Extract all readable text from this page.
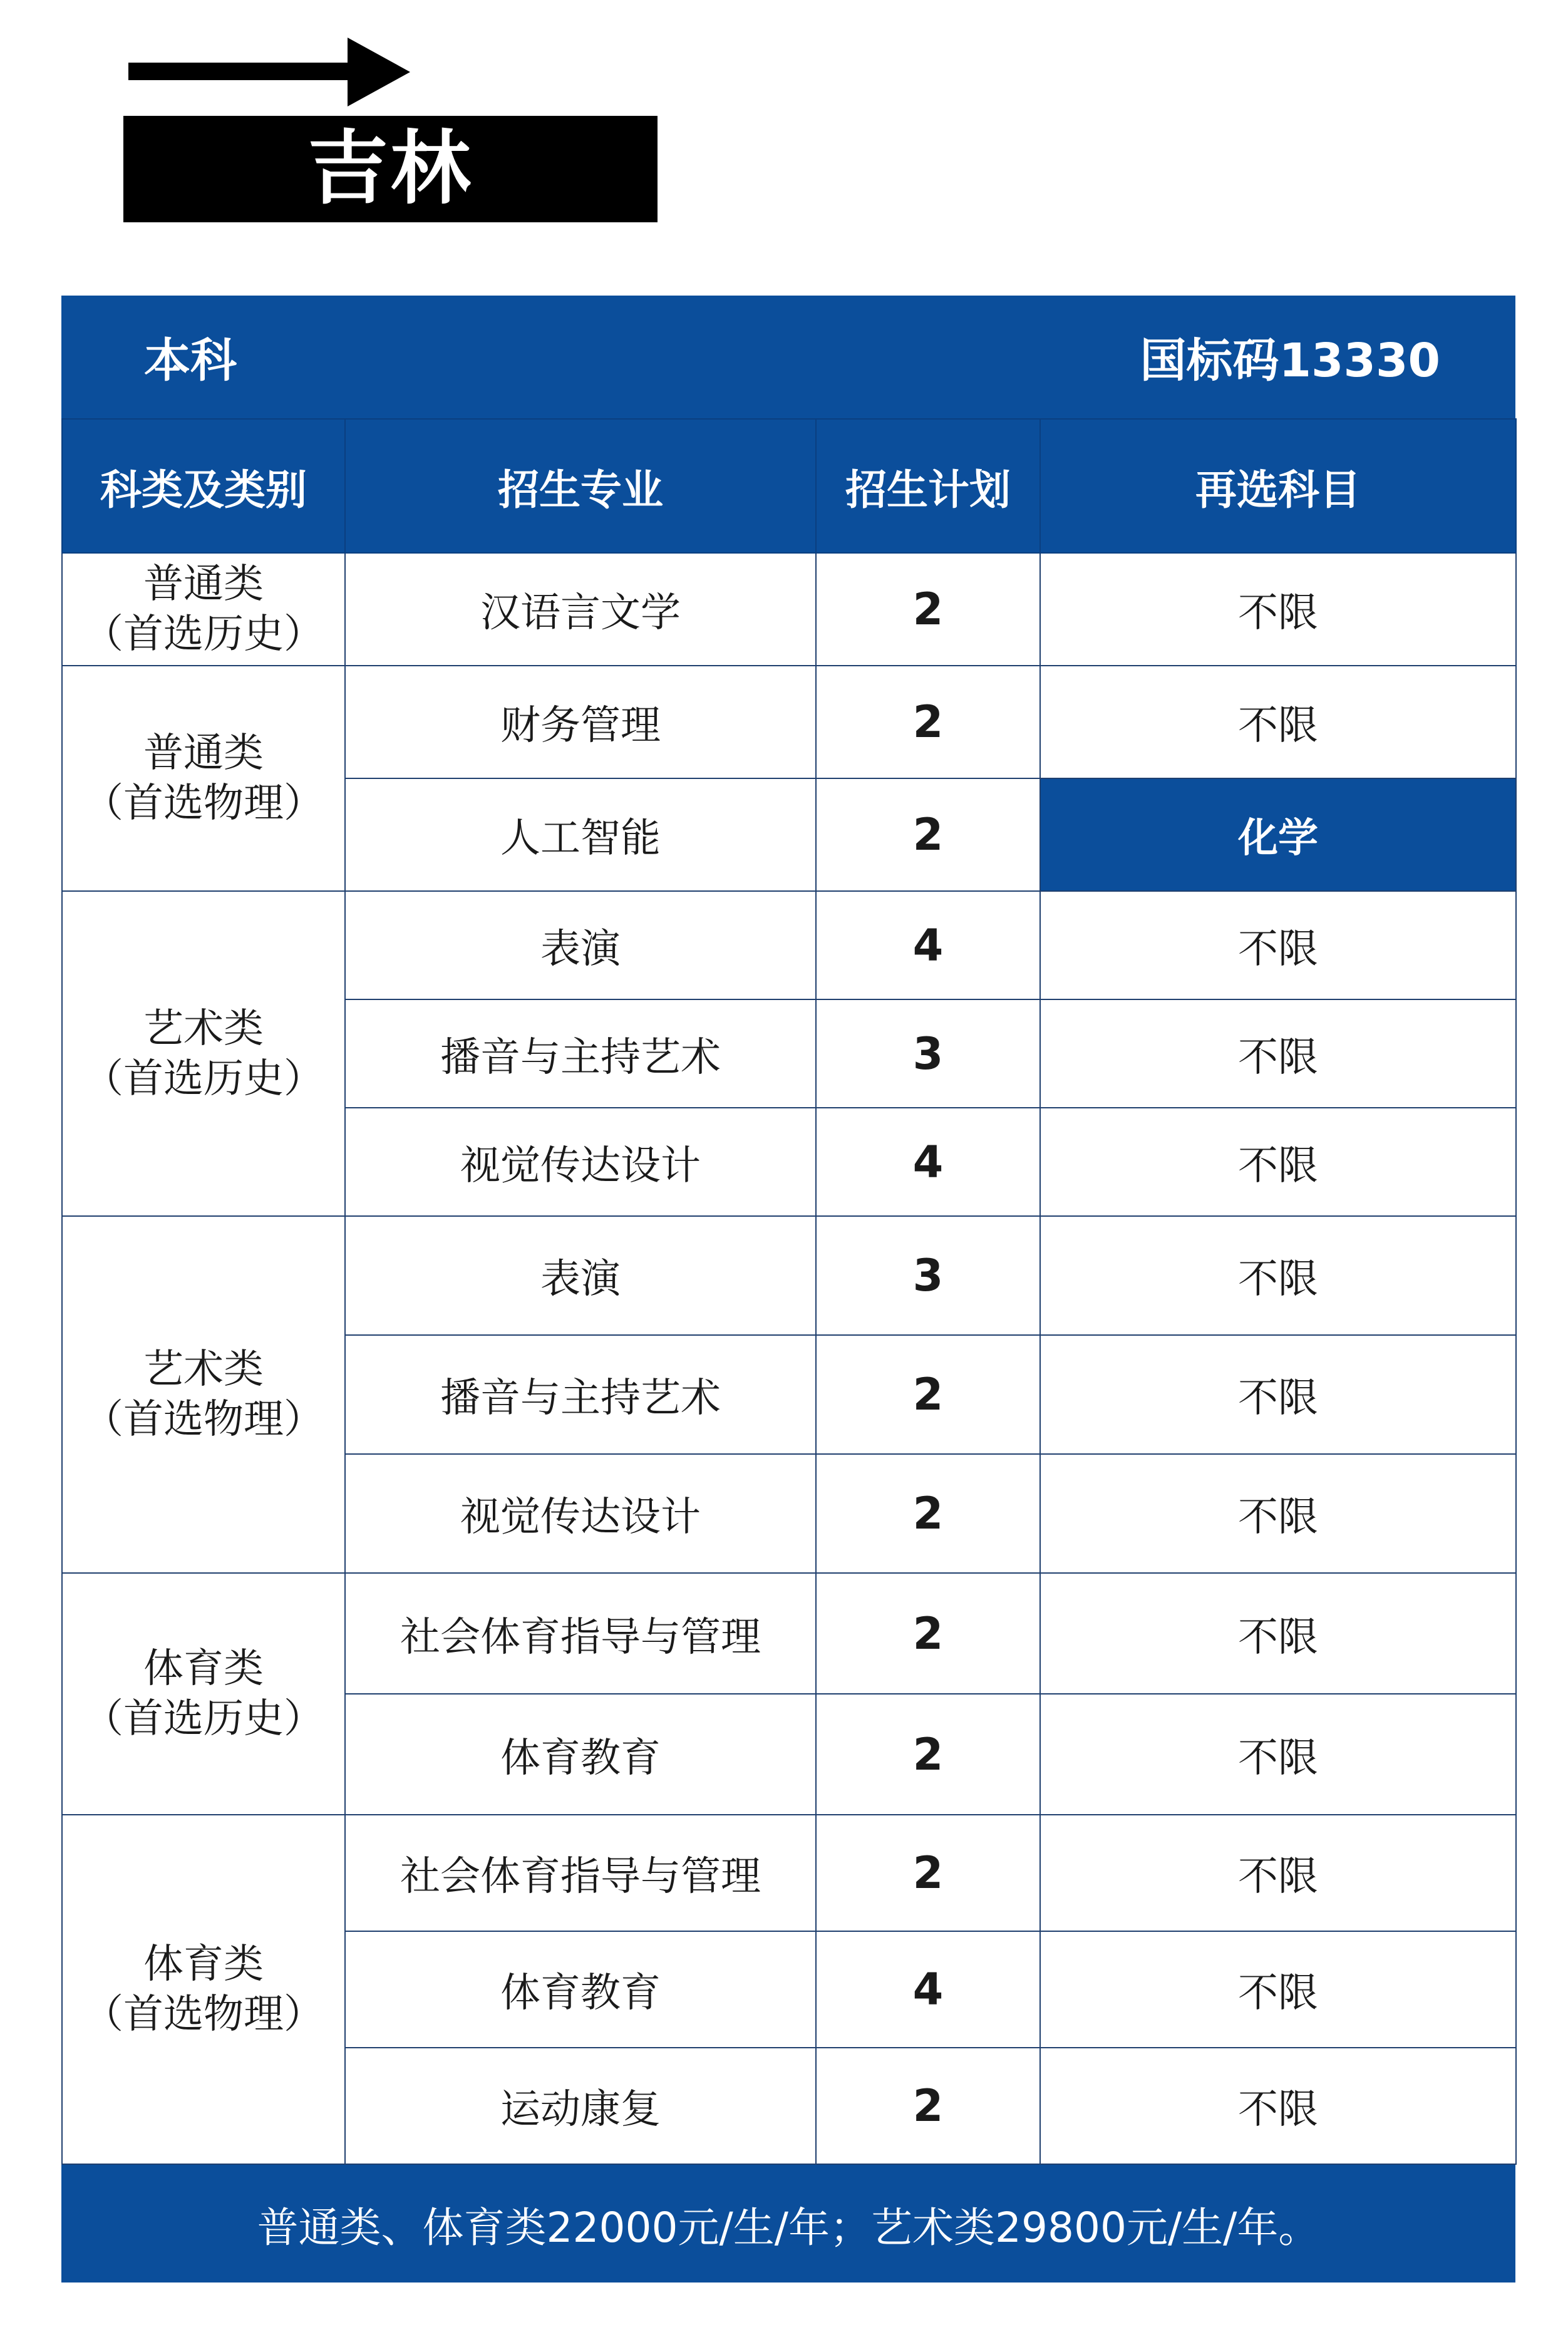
吉林
本科	国标码13330
科类及类别	招生专业	招生计划	再选科目

普通类
（首选历史）	汉语言文学	2	不限

普通类
（首选物理）	财务管理	2	不限
	人工智能	2	化学

艺术类
（首选历史）	表演	4	不限
	播音与主持艺术	3	不限
	视觉传达设计	4	不限

艺术类
（首选物理）	表演	3	不限
	播音与主持艺术	2	不限
	视觉传达设计	2	不限

体育类
（首选历史）	社会体育指导与管理	2	不限
	体育教育	2	不限

体育类
（首选物理）	社会体育指导与管理	2	不限
	体育教育	4	不限
	运动康复	2	不限
普通类、体育类22000元/生/年；艺术类29800元/生/年。
